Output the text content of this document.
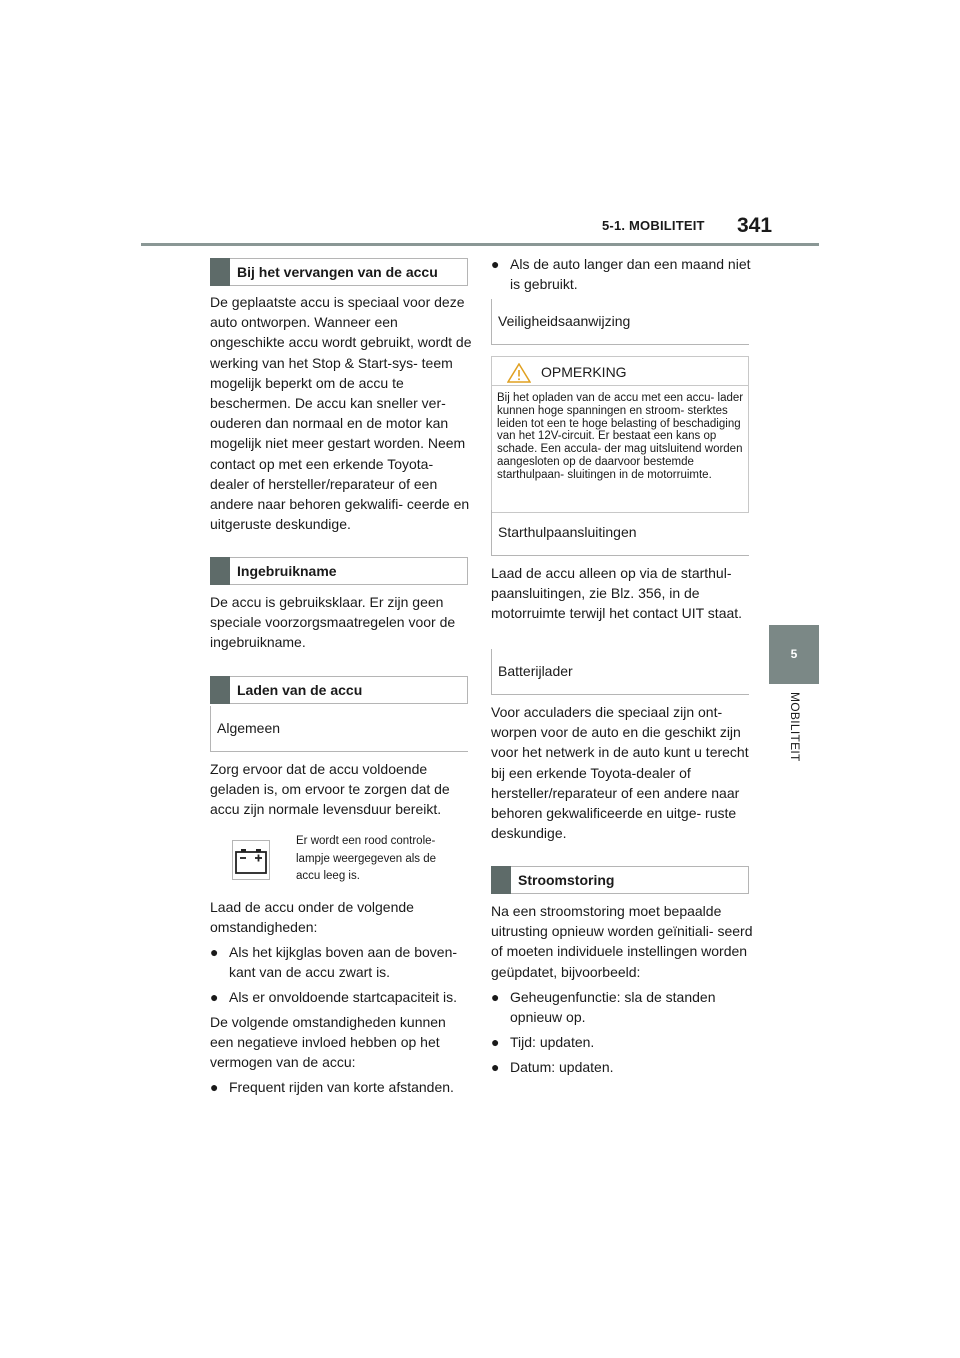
5-1. MOBILITEIT 341
5
MOBILITEIT
Bij het vervangen van de accu
De geplaatste accu is speciaal voor deze auto ontworpen. Wanneer een ongeschikte accu wordt gebruikt, wordt de werking van het Stop & Start-sys- teem mogelijk beperkt om de accu te beschermen. De accu kan sneller ver- ouderen dan normaal en de motor kan mogelijk niet meer gestart worden. Neem contact op met een erkende Toyota-dealer of hersteller/reparateur of een andere naar behoren gekwalifi- ceerde en uitgeruste deskundige.
Ingebruikname
De accu is gebruiksklaar. Er zijn geen speciale voorzorgsmaatregelen voor de ingebruikname.
Laden van de accu
Algemeen
Zorg ervoor dat de accu voldoende geladen is, om ervoor te zorgen dat de accu zijn normale levensduur bereikt.
Er wordt een rood controle- lampje weergegeven als de accu leeg is.
Laad de accu onder de volgende omstandigheden:
● Als het kijkglas boven aan de boven- kant van de accu zwart is.
● Als er onvoldoende startcapaciteit is.
De volgende omstandigheden kunnen een negatieve invloed hebben op het vermogen van de accu:
● Frequent rijden van korte afstanden.
● Als de auto langer dan een maand niet is gebruikt.
Veiligheidsaanwijzing
OPMERKING
Bij het opladen van de accu met een accu- lader kunnen hoge spanningen en stroom- sterktes leiden tot een te hoge belasting of beschadiging van het 12V-circuit. Er bestaat een kans op schade. Een accula- der mag uitsluitend worden aangesloten op de daarvoor bestemde starthulpaan- sluitingen in de motorruimte.
Starthulpaansluitingen
Laad de accu alleen op via de starthul- paansluitingen, zie Blz. 356, in de motorruimte terwijl het contact UIT staat.
Batterijlader
Voor acculaders die speciaal zijn ont- worpen voor de auto en die geschikt zijn voor het netwerk in de auto kunt u terecht bij een erkende Toyota-dealer of hersteller/reparateur of een andere naar behoren gekwalificeerde en uitge- ruste deskundige.
Stroomstoring
Na een stroomstoring moet bepaalde uitrusting opnieuw worden geïnitiali- seerd of moeten individuele instellingen worden geüpdatet, bijvoorbeeld:
● Geheugenfunctie: sla de standen opnieuw op.
● Tijd: updaten.
● Datum: updaten.
